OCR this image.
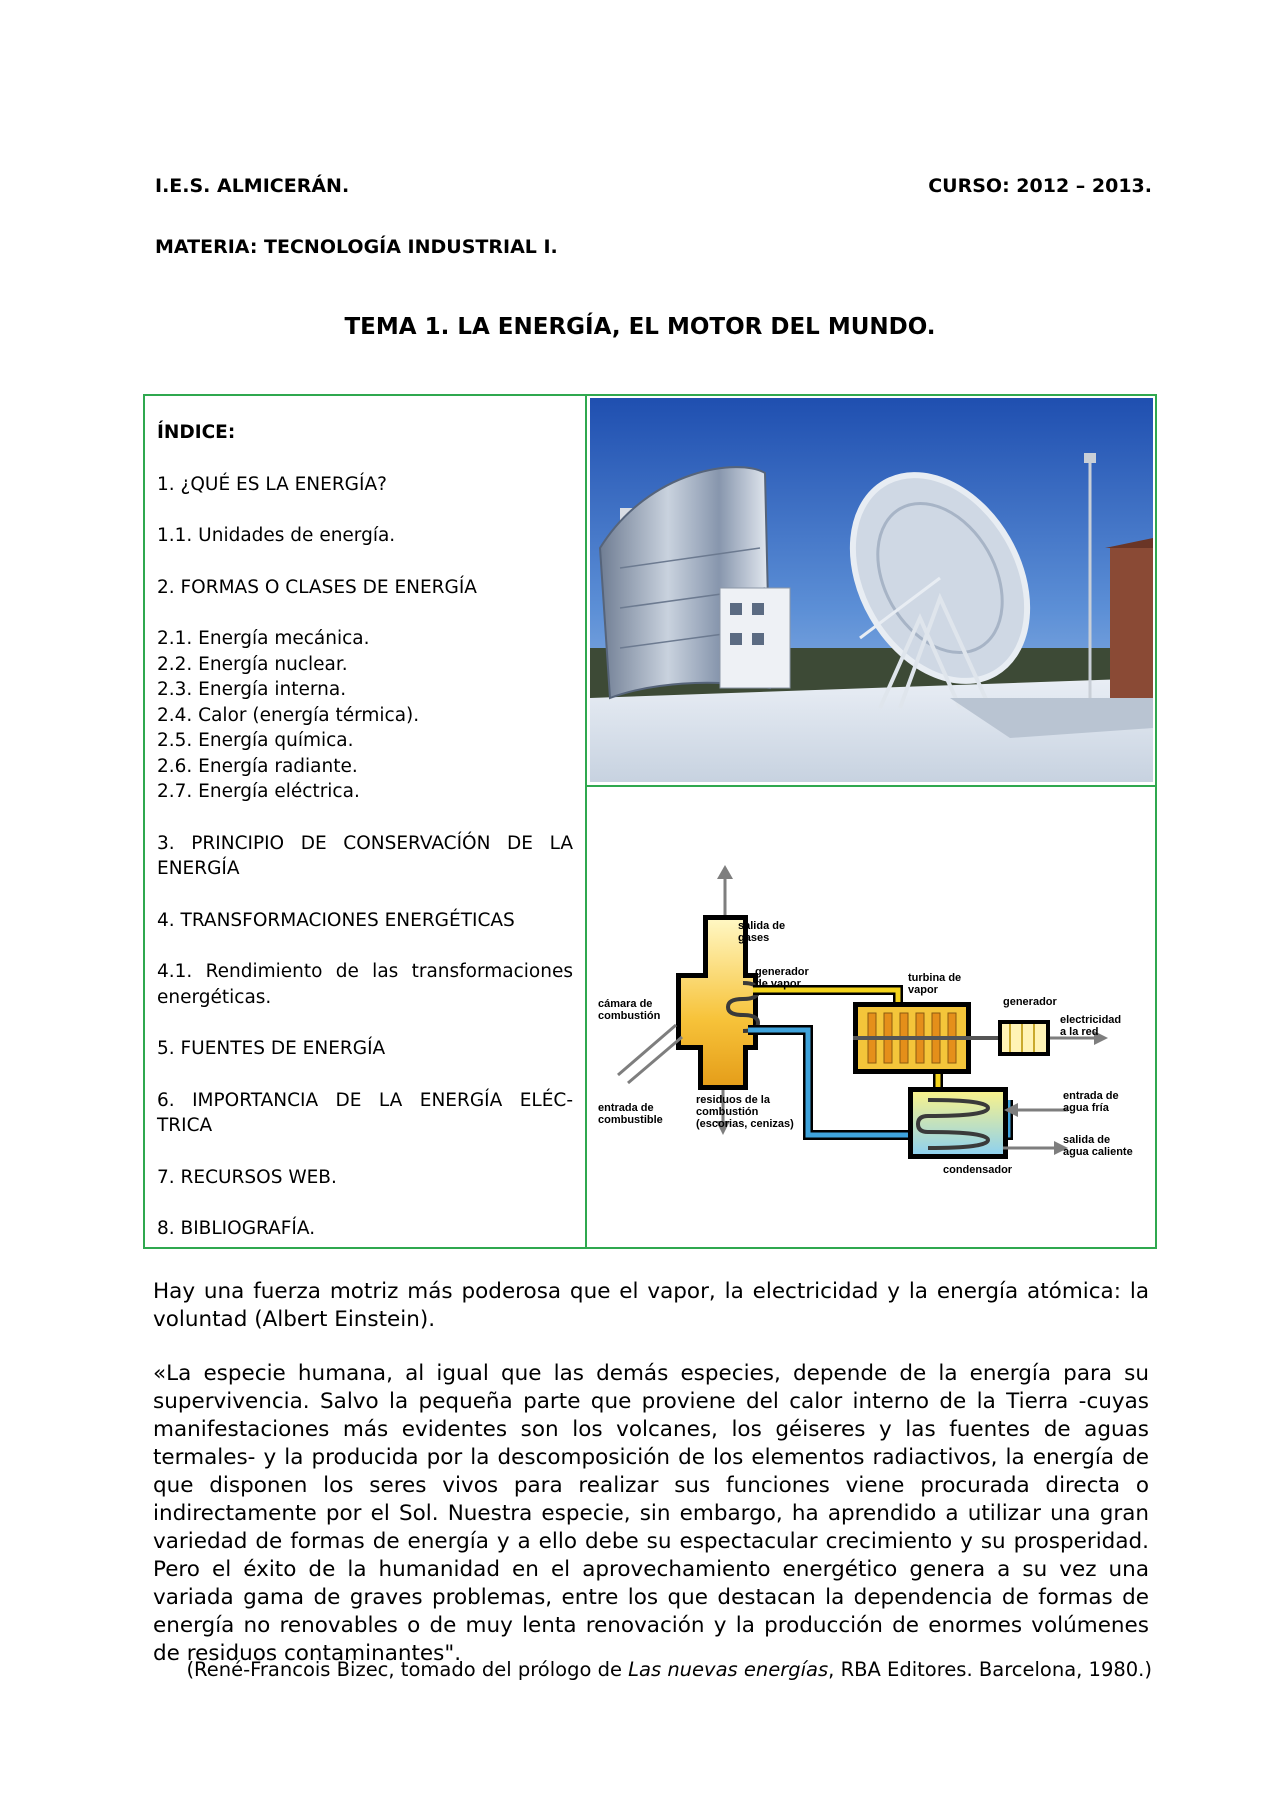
I.E.S. ALMICERÁN.	CURSO: 2012 – 2013.
MATERIA: TECNOLOGÍA INDUSTRIAL I.
TEMA 1. LA ENERGÍA, EL MOTOR DEL MUNDO.
ÍNDICE:
1. ¿QUÉ ES LA ENERGÍA?
1.1. Unidades de energía.
2. FORMAS O CLASES DE ENERGÍA
2.1. Energía mecánica.
2.2. Energía nuclear.
2.3. Energía interna.
2.4. Calor (energía térmica).
2.5. Energía química.
2.6. Energía radiante.
2.7. Energía eléctrica.
3. PRINCIPIO DE CONSERVACÍÓN DE LA
ENERGÍA
4. TRANSFORMACIONES ENERGÉTICAS
4.1. Rendimiento de las transformaciones
energéticas.
5. FUENTES DE ENERGÍA
6. IMPORTANCIA DE LA ENERGÍA ELÉC-
TRICA
7. RECURSOS WEB.
8. BIBLIOGRAFÍA.
salida de
gases
generador
de vapor
cámara de
combustión
turbina de
vapor
generador
electricidad
a la red
entrada de
combustible
residuos de la
combustión
(escorias, cenizas)
entrada de
agua fría
salida de
agua caliente
condensador
Hay una fuerza motriz más poderosa que el vapor, la electricidad y la energía atómica: la voluntad (Albert Einstein).
«La especie humana, al igual que las demás especies, depende de la energía para su supervivencia. Salvo la pequeña parte que proviene del calor interno de la Tierra -cuyas manifestaciones más evidentes son los volcanes, los géiseres y las fuentes de aguas termales- y la producida por la descomposición de los elementos radiactivos, la energía de que disponen los seres vivos para realizar sus funciones viene procurada directa o indirectamente por el Sol. Nuestra especie, sin embargo, ha aprendido a utilizar una gran variedad de formas de energía y a ello debe su espectacular crecimiento y su prosperidad. Pero el éxito de la humanidad en el aprovechamiento energético genera a su vez una variada gama de graves problemas, entre los que destacan la dependencia de formas de energía no renovables o de muy lenta renovación y la producción de enormes volúmenes de residuos contaminantes".
(René-Francois Bizec, tomado del prólogo de Las nuevas energías, RBA Editores. Barcelona, 1980.)
